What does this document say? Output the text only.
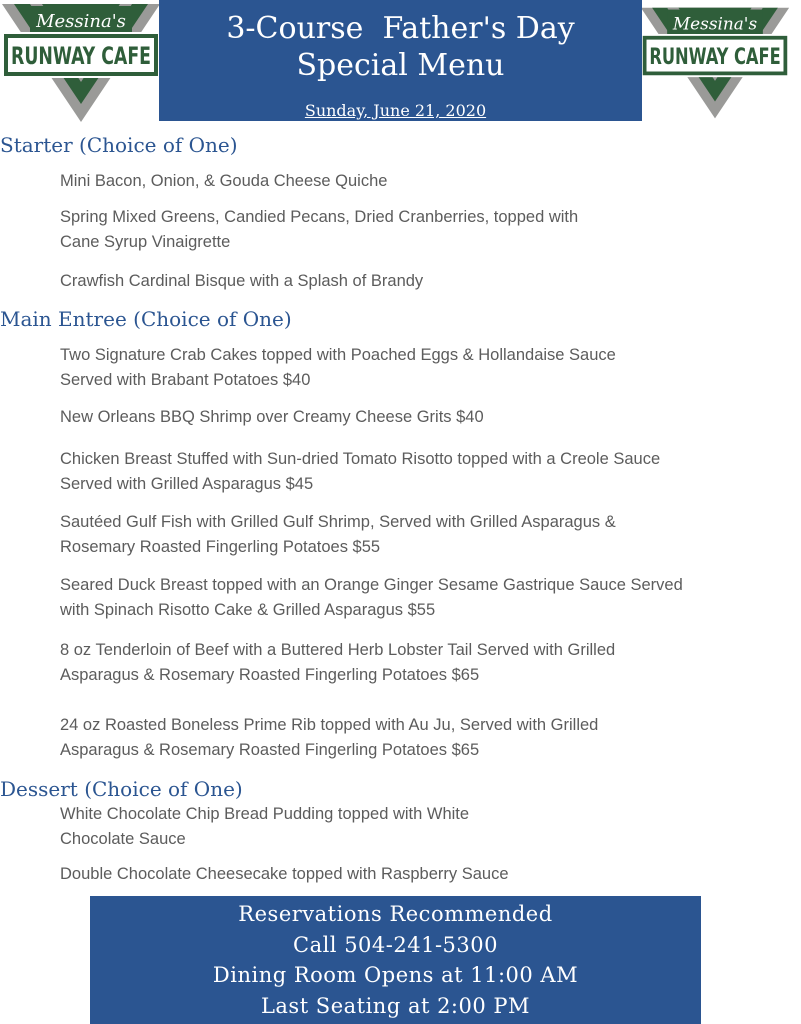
Messina's
RUNWAY CAFE
Messina's
RUNWAY CAFE
3-Course  Father's Day
Special Menu
Sunday, June 21, 2020
Starter (Choice of One)
Mini Bacon, Onion, & Gouda Cheese Quiche
Spring Mixed Greens, Candied Pecans, Dried Cranberries, topped with
Cane Syrup Vinaigrette
Crawfish Cardinal Bisque with a Splash of Brandy
Main Entree (Choice of One)
Two Signature Crab Cakes topped with Poached Eggs & Hollandaise Sauce
Served with Brabant Potatoes $40
New Orleans BBQ Shrimp over Creamy Cheese Grits $40
Chicken Breast Stuffed with Sun-dried Tomato Risotto topped with a Creole Sauce
Served with Grilled Asparagus $45
Sautéed Gulf Fish with Grilled Gulf Shrimp, Served with Grilled Asparagus &
Rosemary Roasted Fingerling Potatoes $55
Seared Duck Breast topped with an Orange Ginger Sesame Gastrique Sauce Served
with Spinach Risotto Cake & Grilled Asparagus $55
8 oz Tenderloin of Beef with a Buttered Herb Lobster Tail Served with Grilled
Asparagus & Rosemary Roasted Fingerling Potatoes $65
24 oz Roasted Boneless Prime Rib topped with Au Ju, Served with Grilled
Asparagus & Rosemary Roasted Fingerling Potatoes $65
Dessert (Choice of One)
White Chocolate Chip Bread Pudding topped with White
Chocolate Sauce
Double Chocolate Cheesecake topped with Raspberry Sauce
Reservations Recommended
Call 504-241-5300
Dining Room Opens at 11:00 AM
Last Seating at 2:00 PM
